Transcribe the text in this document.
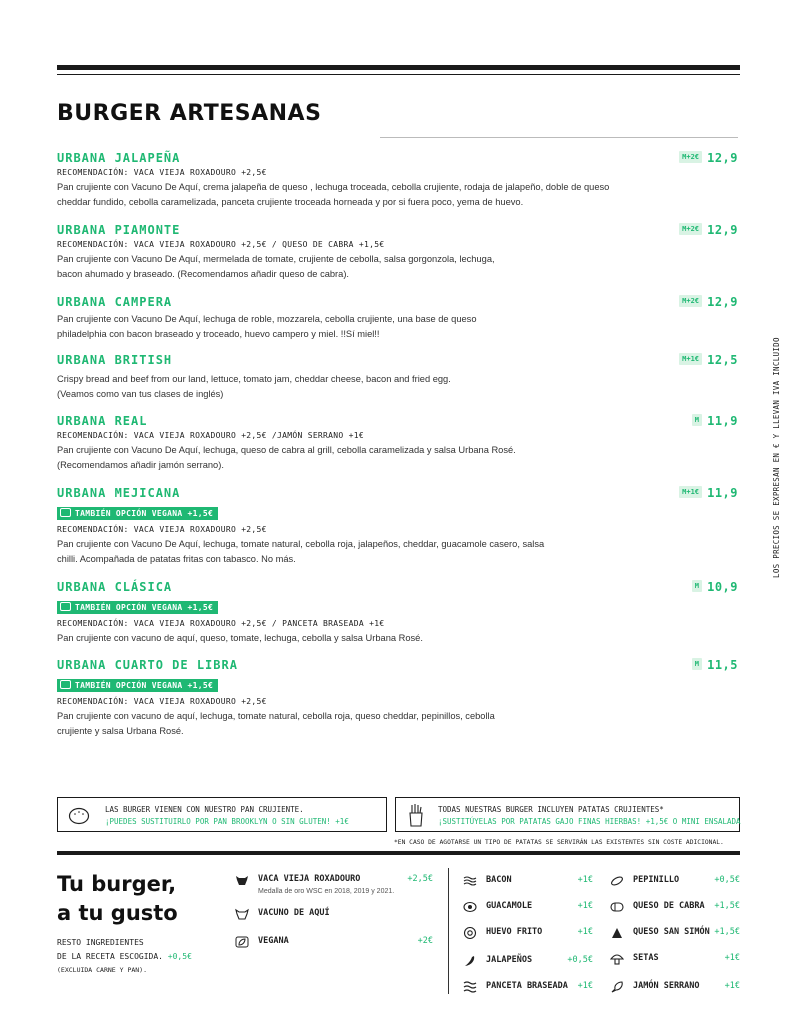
BURGER ARTESANAS
URBANA JALAPEÑA	M+2€ 12,9
RECOMENDACIÓN: VACA VIEJA ROXADOURO +2,5€
Pan crujiente con Vacuno De Aquí, crema jalapeña de queso , lechuga troceada, cebolla crujiente, rodaja de jalapeño, doble de queso cheddar fundido, cebolla caramelizada, panceta crujiente troceada horneada y por si fuera poco, yema de huevo.
URBANA PIAMONTE	M+2€ 12,9
RECOMENDACIÓN: VACA VIEJA ROXADOURO +2,5€ / QUESO DE CABRA +1,5€
Pan crujiente con Vacuno De Aquí, mermelada de tomate, crujiente de cebolla, salsa gorgonzola, lechuga, bacon ahumado y braseado. (Recomendamos añadir queso de cabra).
URBANA CAMPERA	M+2€ 12,9
Pan crujiente con Vacuno De Aquí, lechuga de roble, mozzarela, cebolla crujiente, una base de queso philadelphia con bacon braseado y troceado, huevo campero y miel. !!Sí miel!!
URBANA BRITISH	M+1€ 12,5
Crispy bread and beef from our land, lettuce, tomato jam, cheddar cheese, bacon and fried egg. (Veamos como van tus clases de inglés)
URBANA REAL	M 11,9
RECOMENDACIÓN: VACA VIEJA ROXADOURO +2,5€ /JAMÓN SERRANO +1€
Pan crujiente con Vacuno De Aquí, lechuga, queso de cabra al grill, cebolla caramelizada y salsa Urbana Rosé. (Recomendamos añadir jamón serrano).
URBANA MEJICANA	M+1€ 11,9
TAMBIÉN OPCIÓN VEGANA +1,5€
RECOMENDACIÓN: VACA VIEJA ROXADOURO +2,5€
Pan crujiente con Vacuno De Aquí, lechuga, tomate natural, cebolla roja, jalapeños, cheddar, guacamole casero, salsa chilli. Acompañada de patatas fritas con tabasco. No más.
URBANA CLÁSICA	M 10,9
TAMBIÉN OPCIÓN VEGANA +1,5€
RECOMENDACIÓN: VACA VIEJA ROXADOURO +2,5€ / PANCETA BRASEADA +1€
Pan crujiente con vacuno de aquí, queso, tomate, lechuga, cebolla y salsa Urbana Rosé.
URBANA CUARTO DE LIBRA	M 11,5
TAMBIÉN OPCIÓN VEGANA +1,5€
RECOMENDACIÓN: VACA VIEJA ROXADOURO +2,5€
Pan crujiente con vacuno de aquí, lechuga, tomate natural, cebolla roja, queso cheddar, pepinillos, cebolla crujiente y salsa Urbana Rosé.
LOS PRECIOS SE EXPRESAN EN € Y LLEVAN IVA INCLUIDO
LAS BURGER VIENEN CON NUESTRO PAN CRUJIENTE.
¡PUEDES SUSTITUIRLO POR PAN BROOKLYN O SIN GLUTEN! +1€
TODAS NUESTRAS BURGER INCLUYEN PATATAS CRUJIENTES*
¡SUSTITÚYELAS POR PATATAS GAJO FINAS HIERBAS! +1,5€ O MINI ENSALADA
*EN CASO DE AGOTARSE UN TIPO DE PATATAS SE SERVIRÁN LAS EXISTENTES SIN COSTE ADICIONAL.
Tu burger,
a tu gusto
RESTO INGREDIENTES
DE LA RECETA ESCOGIDA. +0,5€
(EXCLUIDA CARNE Y PAN).
VACA VIEJA ROXADOURO	+2,5€
Medalla de oro WSC en 2018, 2019 y 2021.
VACUNO DE AQUÍ
VEGANA	+2€
BACON	+1€
GUACAMOLE	+1€
HUEVO FRITO	+1€
JALAPEÑOS	+0,5€
PANCETA BRASEADA +1€
PEPINILLO	+0,5€
QUESO DE CABRA +1,5€
QUESO SAN SIMÓN +1,5€
SETAS	+1€
JAMÓN SERRANO	+1€
